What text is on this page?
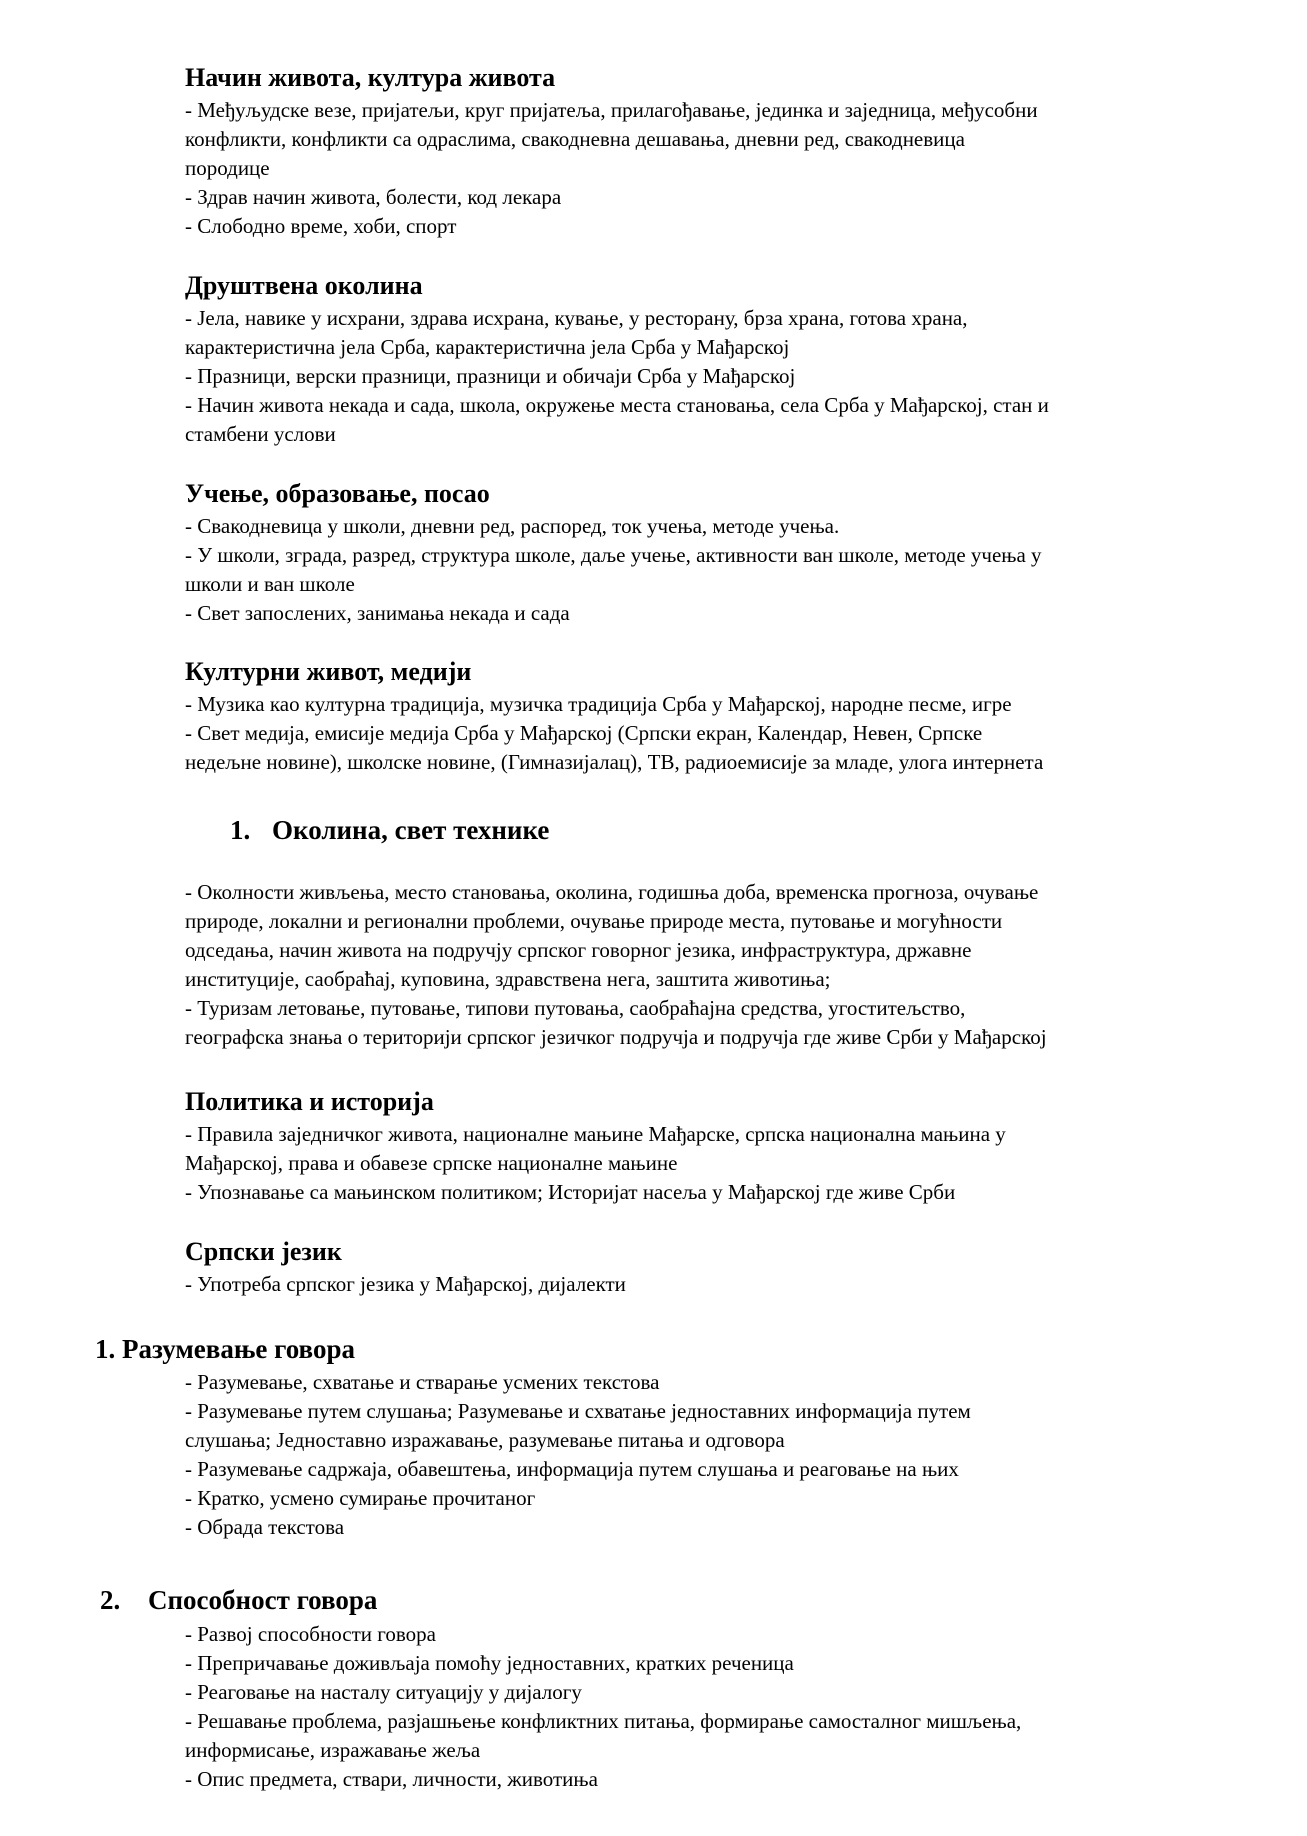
Начин живота, култура живота
- Међуљудске везе, пријатељи, круг пријатеља, прилагођавање, јединка и заједница, међусобни
конфликти, конфликти са одраслима, свакодневна дешавања, дневни ред, свакодневица
породице
- Здрав начин живота, болести, код лекара
- Слободно време, хоби, спорт
Друштвена околина
- Јела, навике у исхрани, здрава исхрана, кување, у ресторану, брза храна, готова храна,
карактеристична јела Срба, карактеристична јела Срба у Мађарској
- Празници, верски празници, празници и обичаји Срба у Мађарској
- Начин живота некада и сада, школа, окружење места становања, села Срба у Мађарској, стан и
стамбени услови
Учење, образовање, посао
- Свакодневица у школи, дневни ред, распоред, ток учења, методе учења.
- У школи, зграда, разред, структура школе, даље учење, активности ван школе, методе учења у
школи и ван школе
- Свет запослених, занимања некада и сада
Културни живот, медији
- Музика као културна традиција, музичка традиција Срба у Мађарској, народне песме, игре
- Свет медија, емисије медија Срба у Мађарској (Српски екран, Календар, Невен, Српске
недељне новине), школске новине, (Гимназијалац), ТВ, радиоемисије за младе, улога интернета
1. Околина, свет технике
- Околности живљења, место становања, околина, годишња доба, временска прогноза, очување
природе, локални и регионални проблеми, очување природе места, путовање и могућности
одседања, начин живота на подручју српског говорног језика, инфраструктура, државне
институције, саобраћај, куповина, здравствена нега, заштита животиња;
- Туризам летовање, путовање, типови путовања, саобраћајна средства, угоститељство,
географска знања о територији српског језичког подручја и подручја где живе Срби у Мађарској
Политика и историја
- Правила заједничког живота, националне мањине Мађарске, српска национална мањина у
Мађарској, права и обавезе српске националне мањине
- Упознавање са мањинском политиком; Историјат насеља у Мађарској где живе Срби
Српски језик
- Употреба српског језика у Мађарској, дијалекти
1. Разумевање говора
- Разумевање, схватање и стварање усмених текстова
- Разумевање путем слушања; Разумевање и схватање једноставних информација путем
слушања; Једноставно изражавање, разумевање питања и одговора
- Разумевање садржаја, обавештења, информација путем слушања и реаговање на њих
- Кратко, усмено сумирање прочитаног
- Обрада текстова
2. Способност говора
- Развој способности говора
- Препричавање доживљаја помоћу једноставних, кратких реченица
- Реаговање на насталу ситуацију у дијалогу
- Решавање проблема, разјашњење конфликтних питања, формирање самосталног мишљења,
информисање, изражавање жеља
- Опис предмета, ствари, личности, животиња
